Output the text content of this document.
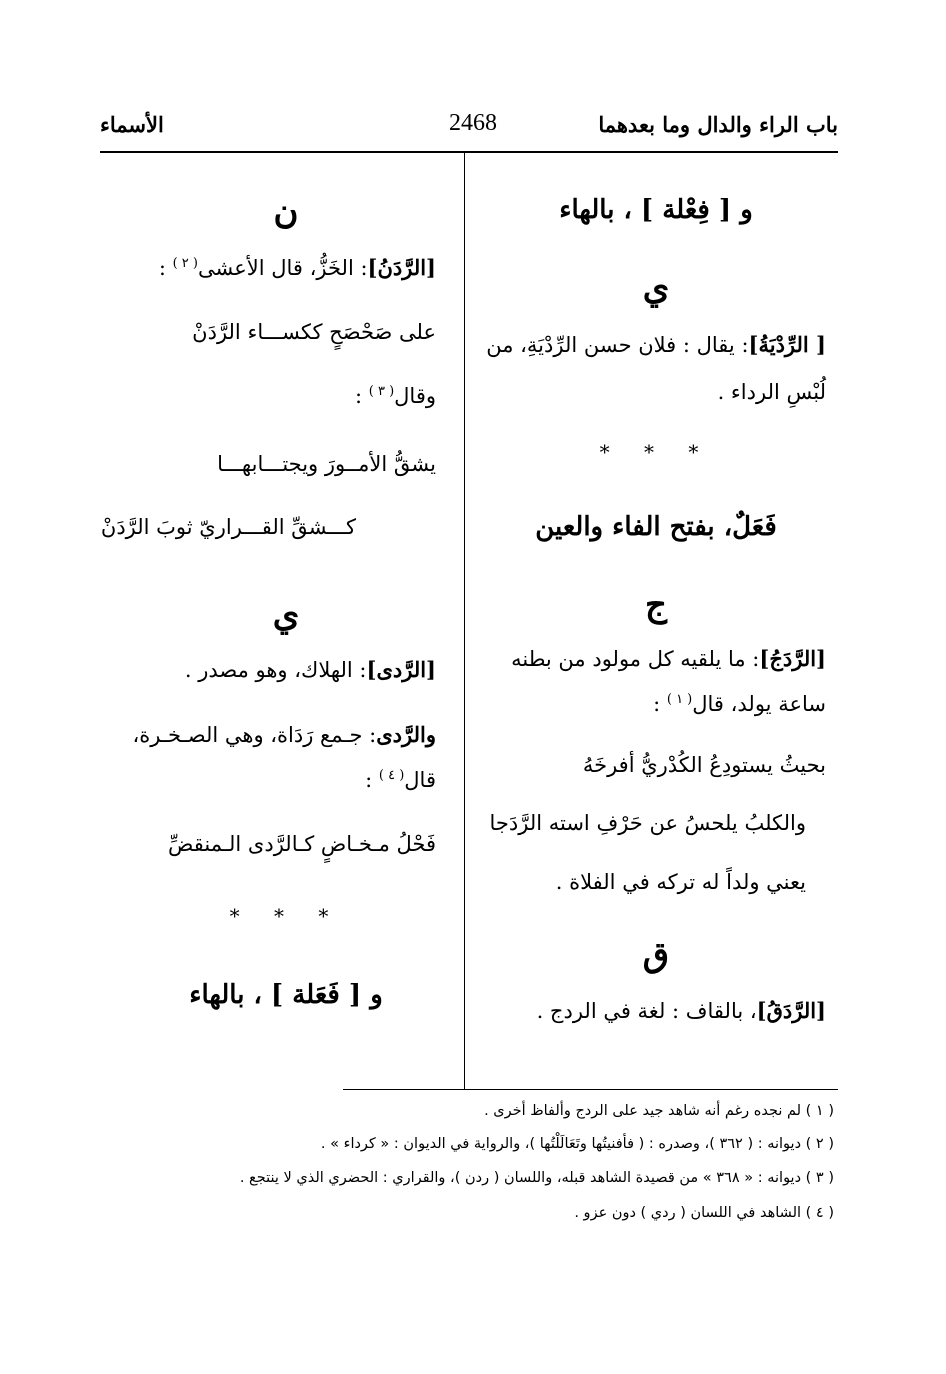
باب الراء والدال وما بعدهما
2468
الأسماء
و [ فِعْلة ] ، بالهاء
ي
[ الرِّدْيَةُ]: يقال : فلان حسن الرِّدْيَةِ، من
لُبْسِ الرداء .
* * *
فَعَلٌ، بفتح الفاء والعين
ج
[الرَّدَجُ]: ما يلقيه كل مولود من بطنه
ساعة يولد، قال$^{( ١ )}$ :
بحيثُ يستودِعُ الكُدْريُّ أفرخَهُ
والكلبُ يلحسُ عن حَرْفِ استه الرَّدَجا
يعني ولداً له تركه في الفلاة .
ق
[الرَّدَقُ]، بالقاف : لغة في الردج .
ن
[الرَّدَنُ]: الخَزُّ، قال الأعشى$^{( ٢ )}$ :
على صَحْصَحٍ ككســـاء الرَّدَنْ
وقال$^{( ٣ )}$ :
يشقُّ الأمــورَ ويجتـــابهـــا
كـــشقِّ القـــراريّ ثوبَ الرَّدَنْ
ي
[الرَّدى]: الهلاك، وهو مصدر .
والرَّدى: جـمع رَدَاة، وهي الصـخـرة،
قال$^{( ٤ )}$ :
فَحْلُ مـخـاضٍ كـالرَّدى الـمنقضِّ
* * *
و [ فَعَلة ] ، بالهاء
( ١ ) لم نجده رغم أنه شاهد جيد على الردج وألفاظ أخرى .
( ٢ ) ديوانه : ( ٣٦٢ )، وصدره : ( فأفنيتُها وتَعَالَلْتُها )، والرواية في الديوان : « كرداء » .
( ٣ ) ديوانه : « ٣٦٨ » من قصيدة الشاهد قبله، واللسان ( ردن )، والقراري : الحضري الذي لا ينتجع .
( ٤ ) الشاهد في اللسان ( ردي ) دون عزو .
